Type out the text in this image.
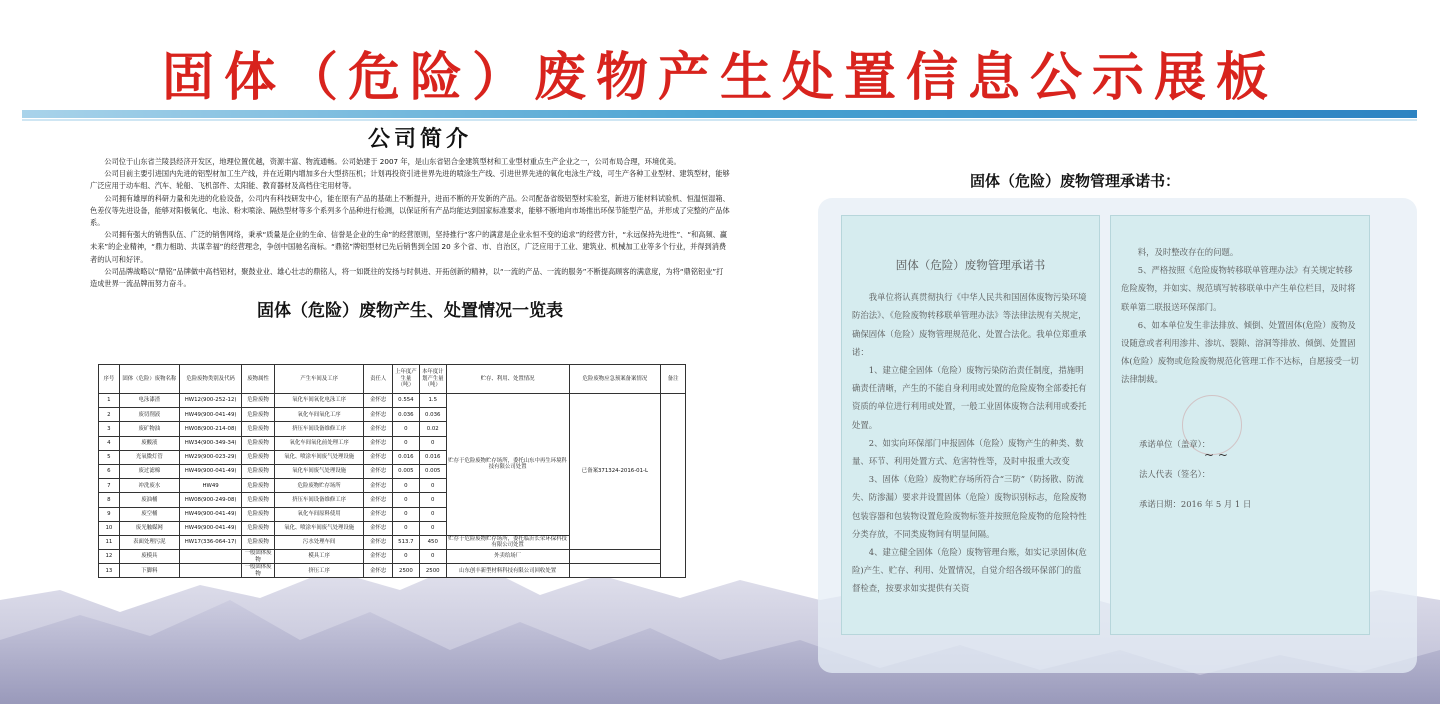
固体（危险）废物产生处置信息公示展板
公司简介

公司位于山东省兰陵县经济开发区，地理位置优越，资源丰富、物流通畅。公司始建于 2007 年，是山东省铝合金建筑型材和工业型材重点生产企业之一，公司布局合理，环境优美。

公司目前主要引进国内先进的铝型材加工生产线，并在近期内增加多台大型挤压机；计划再投资引进世界先进的喷涂生产线、引进世界先进的氧化电泳生产线，可生产各种工业型材、建筑型材，能够广泛应用于动车组、汽车、轮船、飞机部件、太阳能、教育器材及高档住宅用材等。

公司拥有雄厚的科研力量和先进的化验设备，公司内有科技研发中心，能在原有产品的基础上不断提升，进而不断的开发新的产品。公司配备省级铝型材实验室，新进万能材料试验机、恒温恒湿箱、色差仪等先进设备，能够对阳极氧化、电泳、粉末喷涂、隔热型材等多个系列多个品种进行检测，以保证所有产品均能达到国家标准要求，能够不断地向市场推出环保节能型产品，并形成了完整的产品体系。

公司拥有强大的销售队伍、广泛的销售网络，秉承“质量是企业的生命、信誉是企业的生命”的经营原则，坚持推行“客户的满意是企业永恒不变的追求”的经营方针，“永远保持先进性”、“和高频、赢未来”的企业精神，“鼎力相助、共谋幸福”的经营理念，争创中国驰名商标。“鼎铭”牌铝型材已先后销售到全国 20 多个省、市、自治区，广泛应用于工业、建筑业、机械加工业等多个行业，并得到消费者的认可和好评。

公司品牌战略以“鼎铭”品牌做中高档铝材，聚鼓业业、雄心壮志的鼎铭人，将一如既往的发扬与时俱进、开拓创新的精神，以“一流的产品、一流的服务”不断提高顾客的满意度，为将“鼎铭铝业”打造成世界一流品牌而努力奋斗。

固体（危险）废物产生、处置情况一览表
序号	固体（危险）废物名称	危险废物类别及代码	废物属性	产生车间及工序	责任人	上年度产生量（吨）	本年度计划产生量（吨）	贮存、利用、处置情况	危险废物应急预案备案情况	备注
1	电泳漆渣	HW12(900-252-12)	危险废物	氧化车间氧化电泳工序	金怀忠	0.554	1.5	贮存于危险废物贮存场所，委托山东中再生环境科技有限公司处置	已备案371324-2016-01-L	
2	废切削液	HW49(900-041-49)	危险废物	氧化车间氧化工序	金怀忠	0.036	0.036			
3	废矿物油	HW08(900-214-08)	危险废物	挤压车间设备维修工序	金怀忠	0	0.02			
4	废酸液	HW34(900-349-34)	危险废物	氧化车间氧化前处理工序	金怀忠	0	0			
5	光氧微灯管	HW29(900-023-29)	危险废物	氧化、喷涂车间废气处理设施	金怀忠	0.016	0.016			
6	废过滤棉	HW49(900-041-49)	危险废物	氧化车间废气处理设施	金怀忠	0.005	0.005			
7	冲洗废水	HW49	危险废物	危险废物贮存场所	金怀忠	0	0			
8	废油桶	HW08(900-249-08)	危险废物	挤压车间设备维修工序	金怀忠	0	0			
9	废空桶	HW49(900-041-49)	危险废物	氧化车间原料使用	金怀忠	0	0			
10	废光触媒网	HW49(900-041-49)	危险废物	氧化、喷涂车间废气处理设施	金怀忠	0	0			
11	表面处理污泥	HW17(336-064-17)	危险废物	污水处理车间	金怀忠	513.7	450	贮存于危险废物贮存场所，委托临沂长荣环保科技有限公司处置		
12	废模具		一般固体废物	模具工序	金怀忠	0	0	外卖给场厂		
13	下脚料		一般固体废物	挤压工序	金怀忠	2500	2500	山东创丰新型材料科技有限公司回收处置		
固体（危险）废物管理承诺书：
固体（危险）废物管理承诺书

我单位将认真贯彻执行《中华人民共和国固体废物污染环境防治法》、《危险废物转移联单管理办法》等法律法规有关规定，确保固体（危险）废物管理规范化、处置合法化。我单位郑重承诺：

1、建立健全固体（危险）废物污染防治责任制度，措施明确责任清晰，产生的不能自身利用或处置的危险废物全部委托有资质的单位进行利用或处置，一般工业固体废物合法利用或委托处置。

2、如实向环保部门申报固体（危险）废物产生的种类、数量、环节、利用处置方式、危害特性等，及时申报重大改变

3、固体（危险）废物贮存场所符合“三防”（防扬散、防流失、防渗漏）要求并设置固体（危险）废物识别标志，危险废物包装容器和包装物设置危险废物标签并按照危险废物的危险特性分类存放，不同类废物间有明显间隔。

4、建立健全固体（危险）废物管理台账，如实记录固体(危险)产生、贮存、利用、处置情况，自觉介绍各级环保部门的监督检查，按要求如实提供有关资

料，及时整改存在的问题。

5、严格按照《危险废物转移联单管理办法》有关规定转移危险废物，并如实、规范填写转移联单中产生单位栏目，及时将联单第二联报送环保部门。

6、如本单位发生非法排放、倾倒、处置固体(危险）废物及设随意或者利用渗井、渗坑、裂隙、溶洞等排放、倾倒、处置固体(危险）废物或危险废物规范化管理工作不达标，自愿接受一切法律制裁。

承诺单位（盖章）：

法人代表（签名）：

承诺日期：2016 年 5 月 1 日

~ ~
